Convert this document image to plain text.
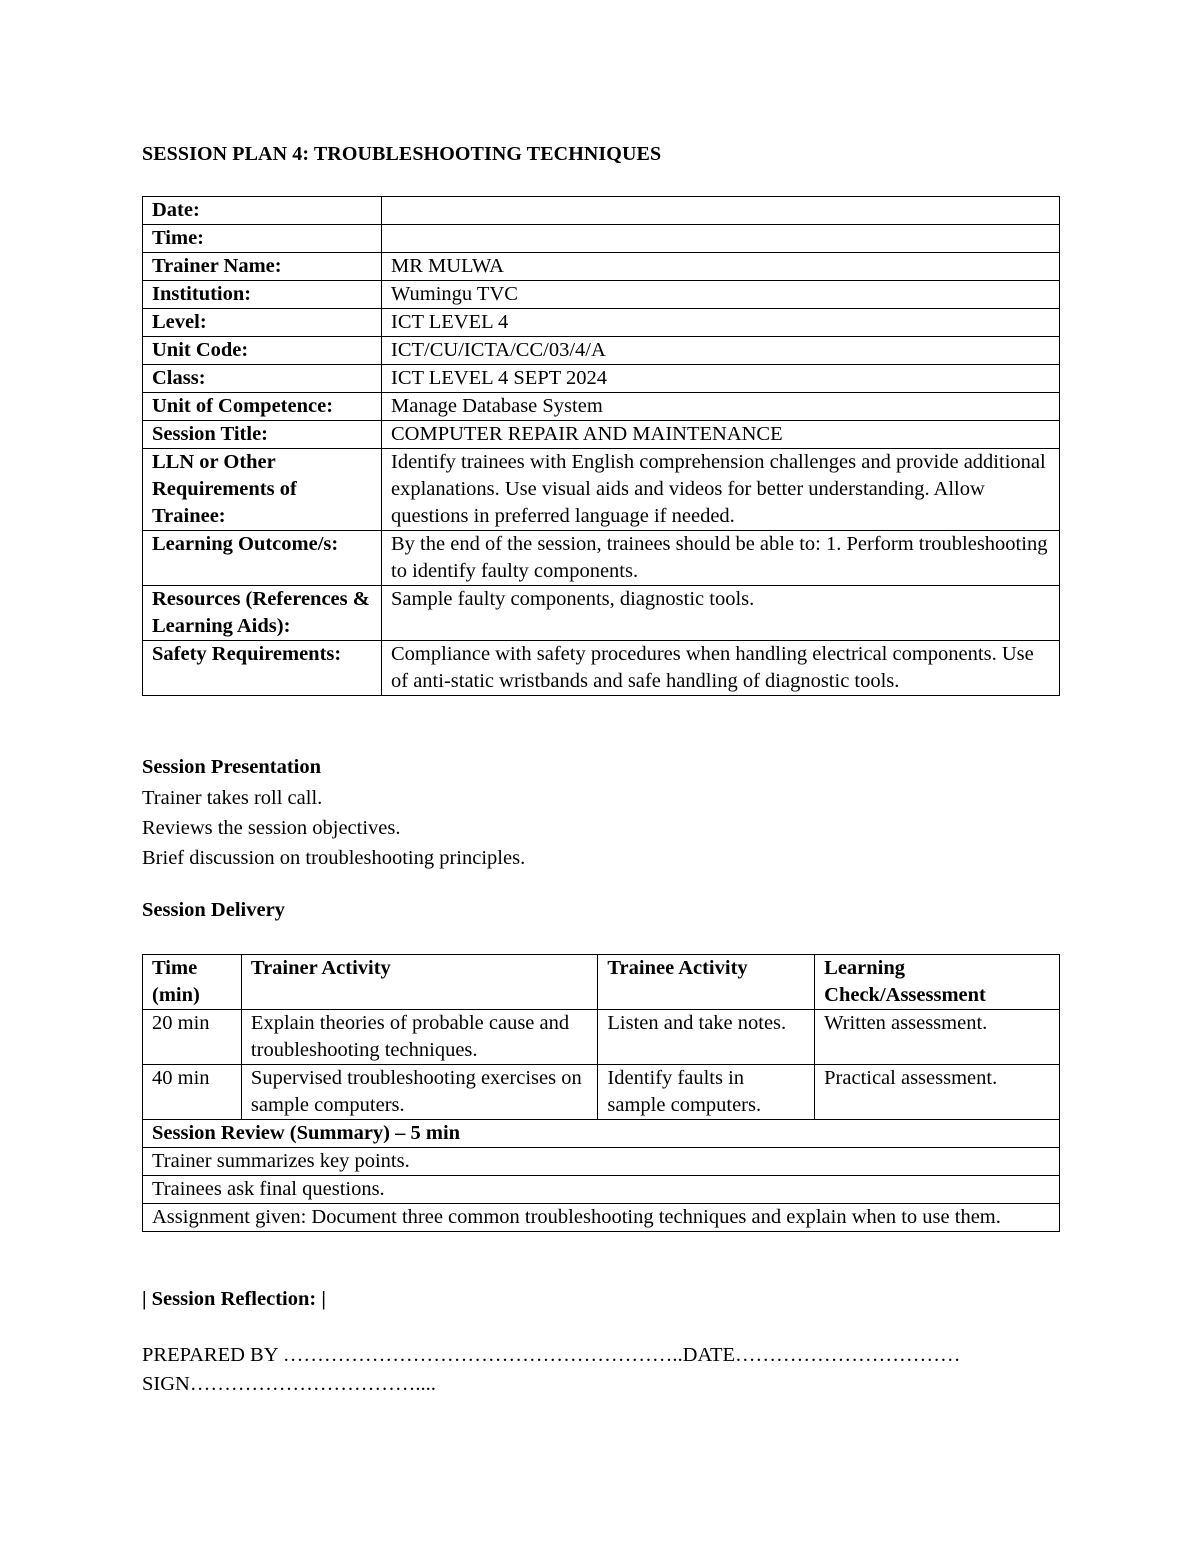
SESSION PLAN 4: TROUBLESHOOTING TECHNIQUES
Date:	
Time:	
Trainer Name:	MR MULWA
Institution:	Wumingu TVC
Level:	ICT LEVEL 4
Unit Code:	ICT/CU/ICTA/CC/03/4/A
Class:	ICT LEVEL 4 SEPT 2024
Unit of Competence:	Manage Database System
Session Title:	COMPUTER REPAIR AND MAINTENANCE
LLN or Other Requirements of Trainee:	Identify trainees with English comprehension challenges and provide additional explanations. Use visual aids and videos for better understanding. Allow questions in preferred language if needed.
Learning Outcome/s:	By the end of the session, trainees should be able to: 1. Perform troubleshooting to identify faulty components.
Resources (References & Learning Aids):	Sample faulty components, diagnostic tools.
Safety Requirements:	Compliance with safety procedures when handling electrical components. Use of anti-static wristbands and safe handling of diagnostic tools.
Session Presentation
Trainer takes roll call.
Reviews the session objectives.
Brief discussion on troubleshooting principles.
Session Delivery
Time (min)	Trainer Activity	Trainee Activity	Learning Check/Assessment
20 min	Explain theories of probable cause and troubleshooting techniques.	Listen and take notes.	Written assessment.
40 min	Supervised troubleshooting exercises on sample computers.	Identify faults in sample computers.	Practical assessment.
Session Review (Summary) – 5 min			
Trainer summarizes key points.			
Trainees ask final questions.			
Assignment given: Document three common troubleshooting techniques and explain when to use them.			
| Session Reflection: |
PREPARED BY …………………………………………………..DATE…………………………… SIGN……………………………....
